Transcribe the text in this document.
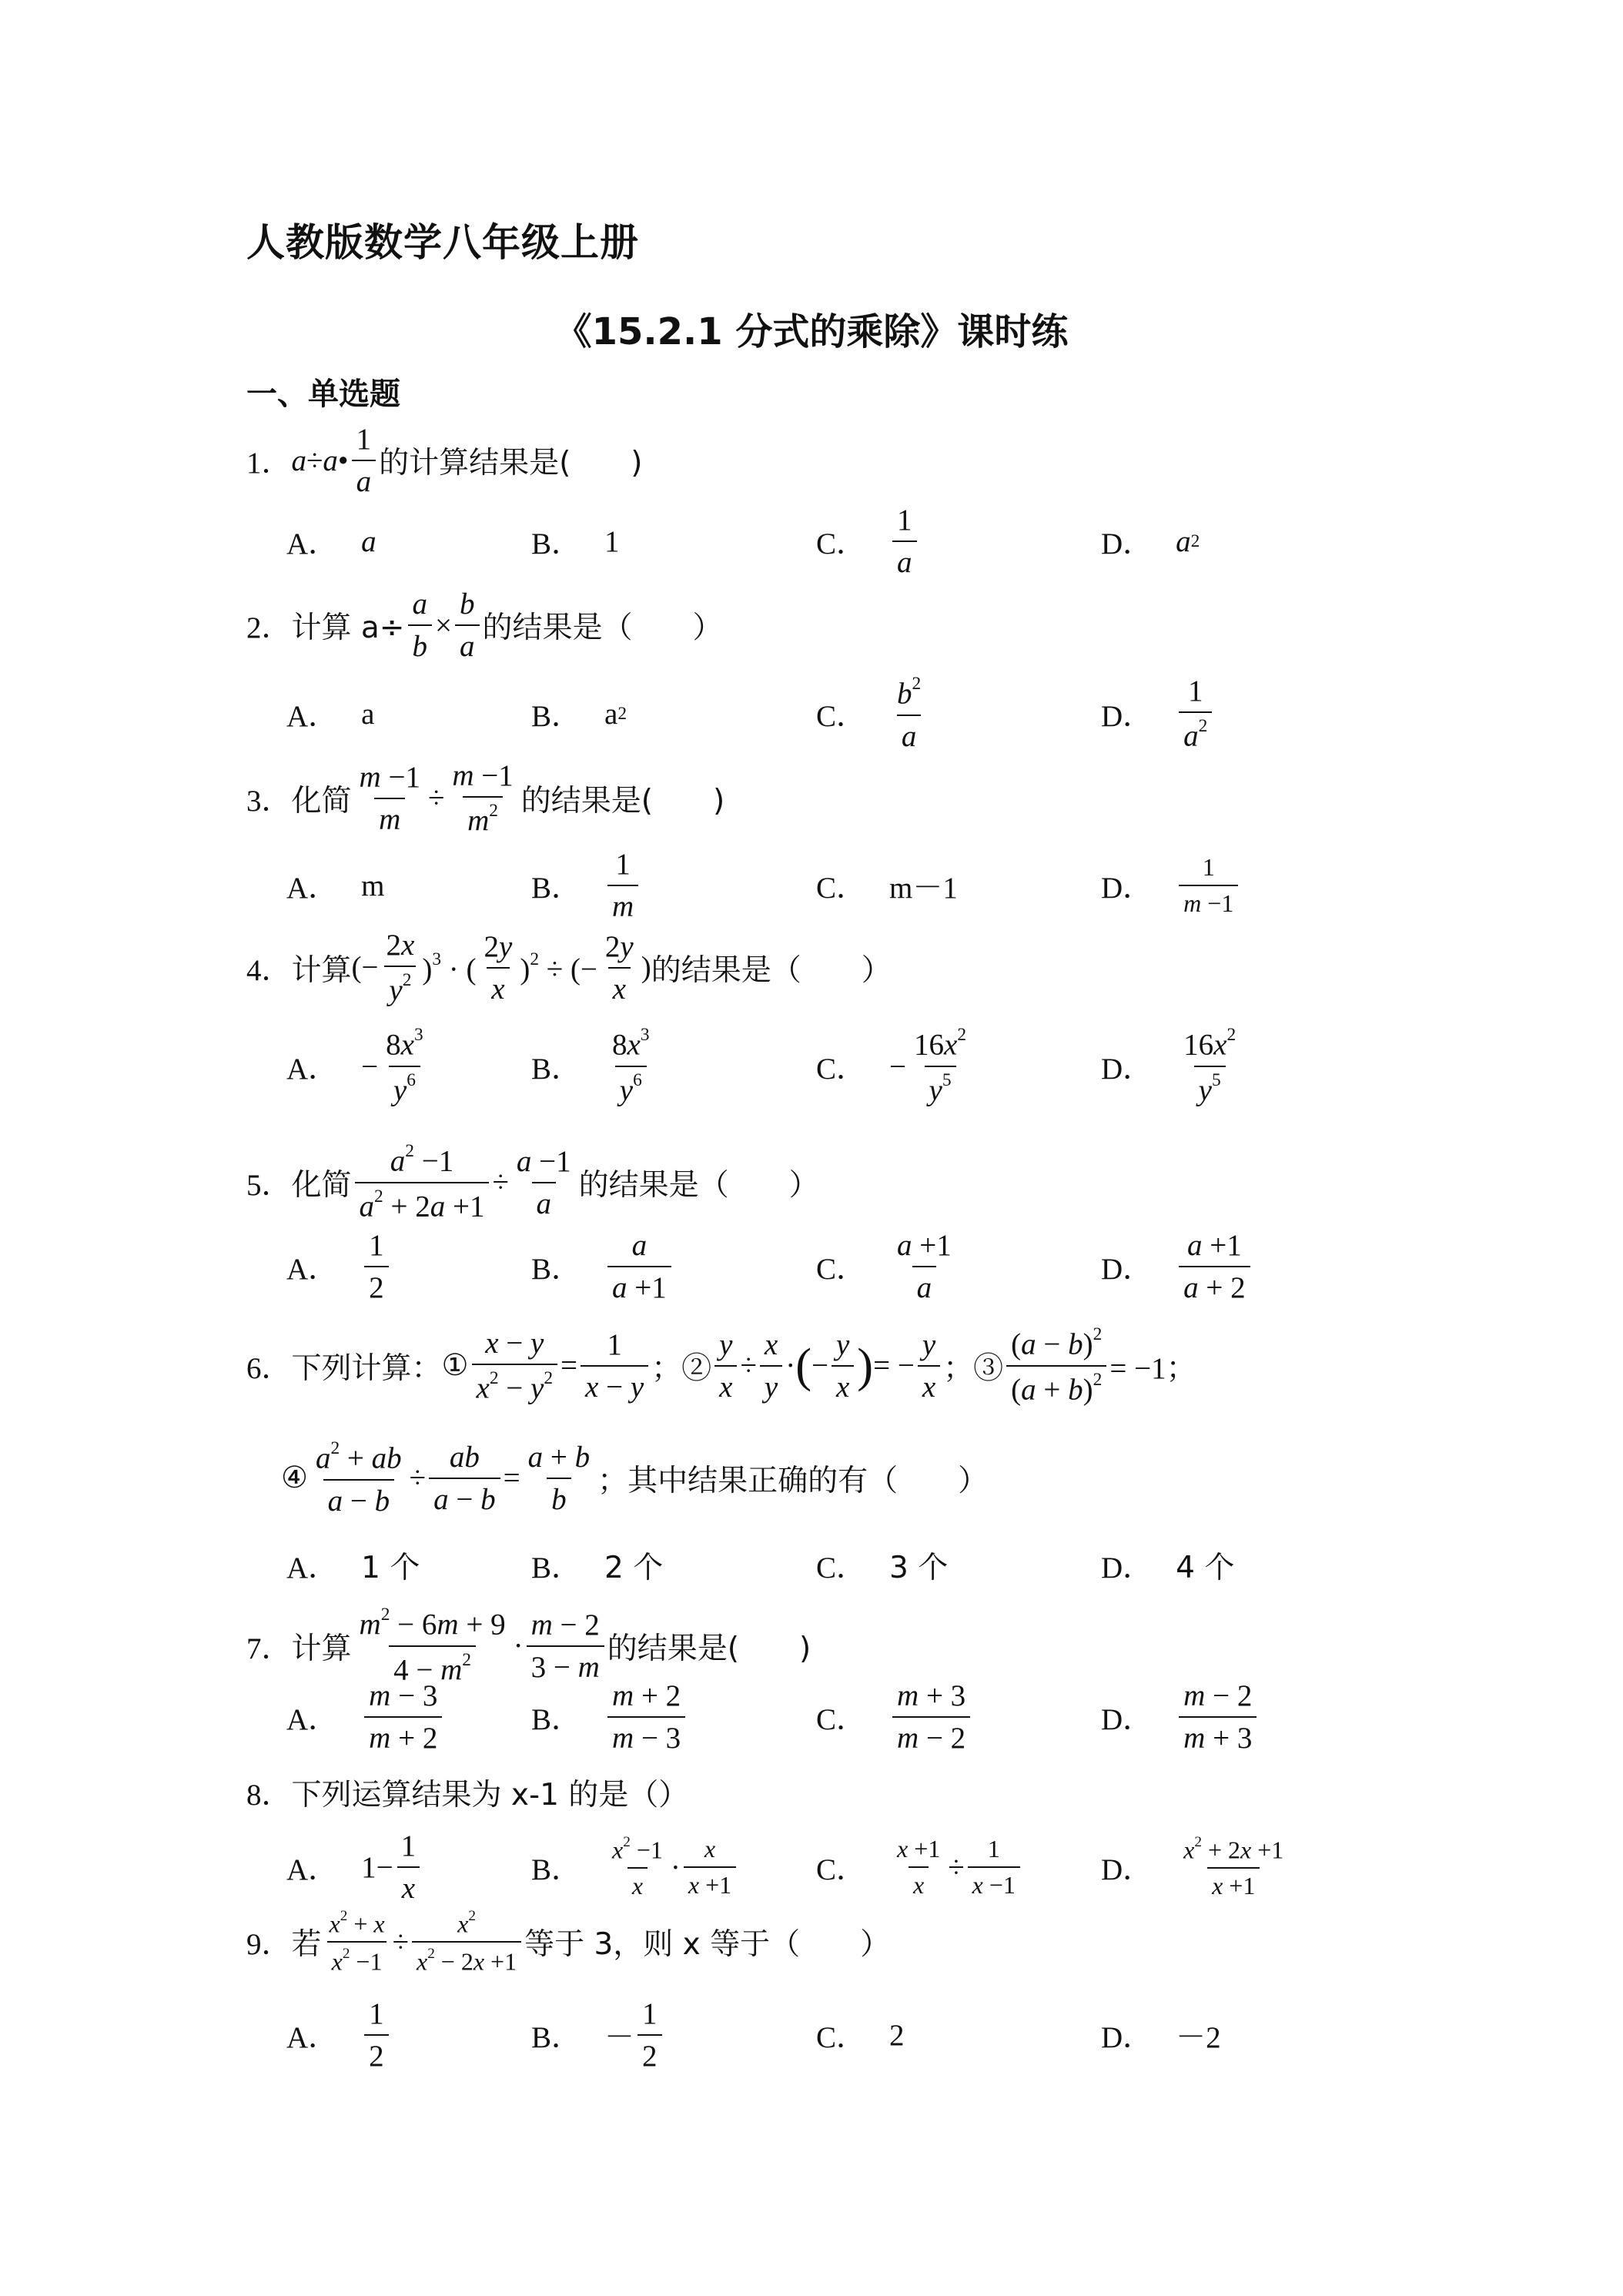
人教版数学八年级上册
《15.2.1 分式的乘除》课时练
一、单选题
1． a ÷ a •
1
a
的计算结果是(　　)
A． a	B． 1	C．
1
a
D． a 2
2． 计算 $a\div \frac{a}{b} \times \frac{b}{a}$ 的结果是（　　）
A． a	B． a 2	C．
$b^2$
a
D．
1
$a^2$
3． 化简 $\frac{m -1}{m} \div \frac{m -1}{m^2}$ 的结果是(　　)
A． m	B．
1
m
C． m－1	D．
1
m −1
4． 计算 (− $\frac{2x}{y^2} )^3$ · (
2y
x
)$^2$ ÷ (− $\frac{2y}{x}$ ) 的结果是（　　）
A． − $\frac{8x^3}{y^6}$	B．
$8x^3$
$y^6$	C． − $\frac{16x^2}{y^5}$	D．
$16x^2$
$y^5$
5． 化简 $\frac{a^2 -1}{a^2 + 2a +1} \div \frac{a -1}{a}$ 的结果是（　　）
A．
1
2
B．
a
a +1
C．
a +1
a
D．
a +1
a + 2
6． 下列计算： ① $\frac{x - y}{x^2 - y^2} = \frac{1}{x - y}$ ；② $\frac{y}{x} \div \frac{x}{y}$ · ( − $\frac{y}{x}$ ) = − $\frac{y}{x}$ ；③ $\frac{(a - b)^2}{(a + b)^2} = -1$；
④ $\frac{a^2 + ab}{a - b} \div \frac{ab}{a - b} = \frac{a + b}{b}$ ；其中结果正确的有（　　）
A． 1 个	B． 2 个	C． 3 个	D． 4 个
7． 计算
$m^2 - 6m + 9$
$4 - m^2$ ·
m − 2
3 − m
的结果是(　　)
A．
m − 3
m + 2
B．
m + 2
m − 3
C．
m + 3
m − 2
D．
m − 2
m + 3
8． 下列运算结果为 x-1 的是（ ）
A． $1- \frac{1}{x}$	B．
$x^2 -1$
x
·
x
x +1	C． $\frac{x +1}{x} \div \frac{1}{x -1}$	D．
$x^2 + 2x +1$
x +1
9． 若 $\frac{x^2 + x}{x^2 -1} \div \frac{x^2}{x^2 - 2x +1}$ 等于 3，则 x 等于（　　）
A．
1
2
B． －
1
2
C． 2	D． －2
